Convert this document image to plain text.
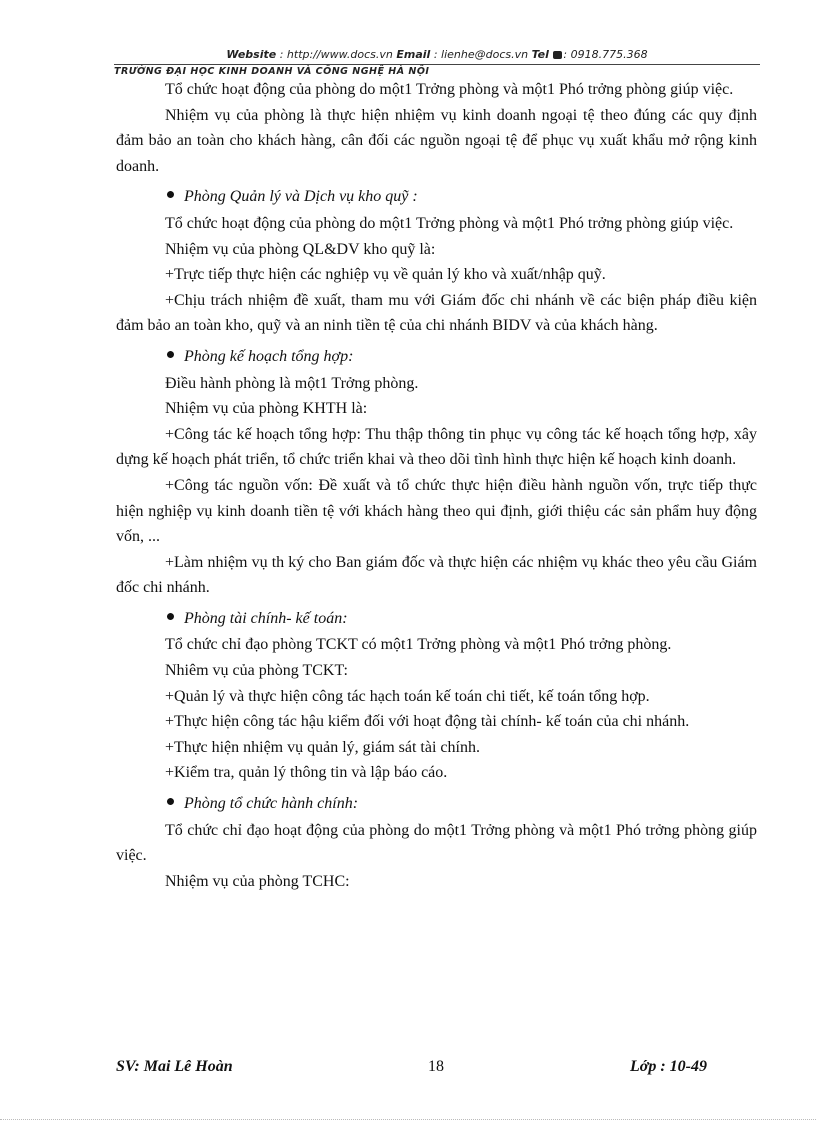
Website : http://www.docs.vn Email : lienhe@docs.vn Tel : 0918.775.368
TRƯỜNG ĐẠI HỌC KINH DOANH VÀ CÔNG NGHỆ HÀ NỘI

Tổ chức hoạt động của phòng do một1 Trởng phòng và một1 Phó trởng phòng giúp việc.

Nhiệm vụ của phòng là thực hiện nhiệm vụ kinh doanh ngoại tệ theo đúng các quy định đảm bảo an toàn cho khách hàng, cân đối các nguồn ngoại tệ để phục vụ xuất khẩu mở rộng kinh doanh.

Phòng Quản lý và Dịch vụ kho quỹ :

Tổ chức hoạt động của phòng do một1 Trởng phòng và một1 Phó trởng phòng giúp việc.

Nhiệm vụ của phòng QL&DV kho quỹ là:

+Trực tiếp thực hiện các nghiệp vụ về quản lý kho và xuất/nhập quỹ.

+Chịu trách nhiệm đề xuất, tham mu với Giám đốc chi nhánh về các biện pháp điều kiện đảm bảo an toàn kho, quỹ và an ninh tiền tệ của chi nhánh BIDV và của khách hàng.

Phòng kế hoạch tổng hợp:

Điều hành phòng là một1 Trởng phòng.

Nhiệm vụ của phòng KHTH là:

+Công tác kế hoạch tổng hợp: Thu thập thông tin phục vụ công tác kế hoạch tổng hợp, xây dựng kế hoạch phát triển, tổ chức triển khai và theo dõi tình hình thực hiện kế hoạch kinh doanh.

+Công tác nguồn vốn: Đề xuất và tổ chức thực hiện điều hành nguồn vốn, trực tiếp thực hiện nghiệp vụ kinh doanh tiền tệ với khách hàng theo qui định, giới thiệu các sản phẩm huy động vốn, ...

+Làm nhiệm vụ th ký cho Ban giám đốc và thực hiện các nhiệm vụ khác theo yêu cầu Giám đốc chi nhánh.

Phòng tài chính- kế toán:

Tổ chức chỉ đạo phòng TCKT có một1 Trởng phòng và một1 Phó trởng phòng.

Nhiêm vụ của phòng TCKT:

+Quản lý và thực hiện công tác hạch toán kế toán chi tiết, kế toán tổng hợp.

+Thực hiện công tác hậu kiểm đối với hoạt động tài chính- kế toán của chi nhánh.

+Thực hiện nhiệm vụ quản lý, giám sát tài chính.

+Kiểm tra, quản lý thông tin và lập báo cáo.

Phòng tổ chức hành chính:

Tổ chức chỉ đạo hoạt động của phòng do một1 Trởng phòng và một1 Phó trởng phòng giúp việc.

Nhiệm vụ của phòng TCHC:

SV: Mai Lê Hoàn	18	Lớp : 10-49
